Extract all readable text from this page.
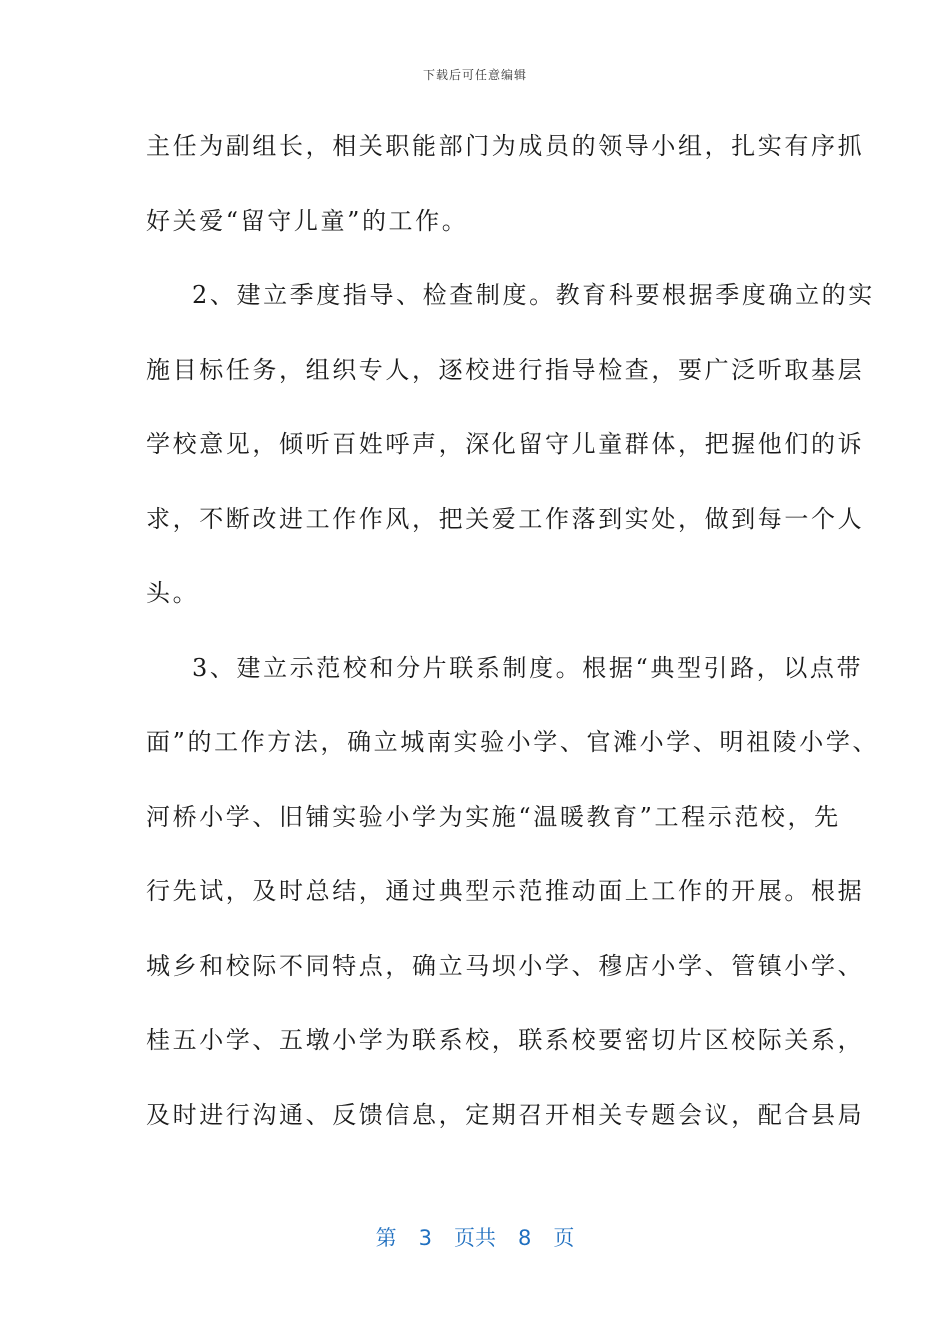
下载后可任意编辑
主任为副组长，相关职能部门为成员的领导小组，扎实有序抓
好关爱“留守儿童”的工作。
2、建立季度指导、检查制度。教育科要根据季度确立的实
施目标任务，组织专人，逐校进行指导检查，要广泛听取基层
学校意见，倾听百姓呼声，深化留守儿童群体，把握他们的诉
求，不断改进工作作风，把关爱工作落到实处，做到每一个人
头。
3、建立示范校和分片联系制度。根据“典型引路，以点带
面”的工作方法，确立城南实验小学、官滩小学、明祖陵小学、
河桥小学、旧铺实验小学为实施“温暖教育”工程示范校，先
行先试，及时总结，通过典型示范推动面上工作的开展。根据
城乡和校际不同特点，确立马坝小学、穆店小学、管镇小学、
桂五小学、五墩小学为联系校，联系校要密切片区校际关系，
及时进行沟通、反馈信息，定期召开相关专题会议，配合县局
第 3 页共 8 页
